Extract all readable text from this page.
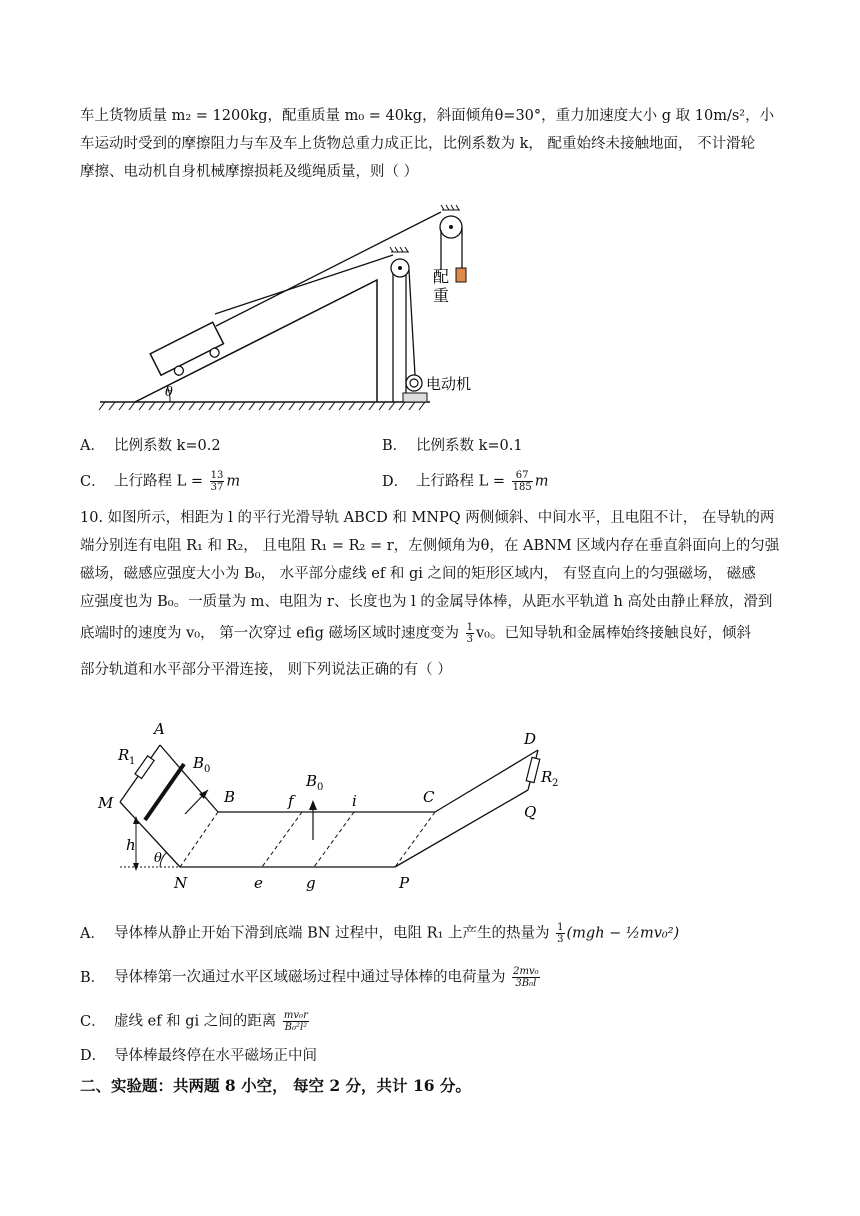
车上货物质量 m₂ = 1200kg，配重质量 m₀ = 40kg，斜面倾角θ=30°，重力加速度大小 g 取 10m/s²，小
车运动时受到的摩擦阻力与车及车上货物总重力成正比，比例系数为 k， 配重始终未接触地面， 不计滑轮
摩擦、电动机自身机械摩擦损耗及缆绳质量，则（ ）
θ
配
重
电动机
A． 比例系数 k=0.2	B． 比例系数 k=0.1
C． 上行路程 $L = \frac{13}{37}$ m	D． 上行路程 $L = \frac{67}{185}$ m
10. 如图所示，相距为 l 的平行光滑导轨 ABCD 和 MNPQ 两侧倾斜、中间水平，且电阻不计， 在导轨的两
端分别连有电阻 R₁ 和 R₂， 且电阻 R₁ = R₂ = r，左侧倾角为θ，在 ABNM 区域内存在垂直斜面向上的匀强
磁场，磁感应强度大小为 B₀， 水平部分虚线 ef 和 gi 之间的矩形区域内， 有竖直向上的匀强磁场， 磁感
应强度也为 B₀。一质量为 m、电阻为 r、长度也为 l 的金属导体棒，从距水平轨道 h 高处由静止释放，滑到
底端时的速度为 v₀， 第一次穿过 efig 磁场区域时速度变为 $\frac{1}{3} v_0$。已知导轨和金属棒始终接触良好，倾斜
部分轨道和水平部分平滑连接， 则下列说法正确的有（ ）
A
B	C
D
M
N	P
Q
e
f
g
i
R 1
R 2
B 0
B 0
h
θ
A． 导体棒从静止开始下滑到底端 BN 过程中，电阻 R₁ 上产生的热量为 $\frac{1}{3} (mgh$ − ½mv₀²)
B． 导体棒第一次通过水平区域磁场过程中通过导体棒的电荷量为 $\frac{\text{2mv₀}}{\text{3B₀l}}$
C． 虚线 ef 和 gi 之间的距离 $\frac{\text{mv₀r}}{\text{B₀²l²}}$
D． 导体棒最终停在水平磁场正中间
二、实验题：共两题 8 小空， 每空 2 分，共计 16 分。
